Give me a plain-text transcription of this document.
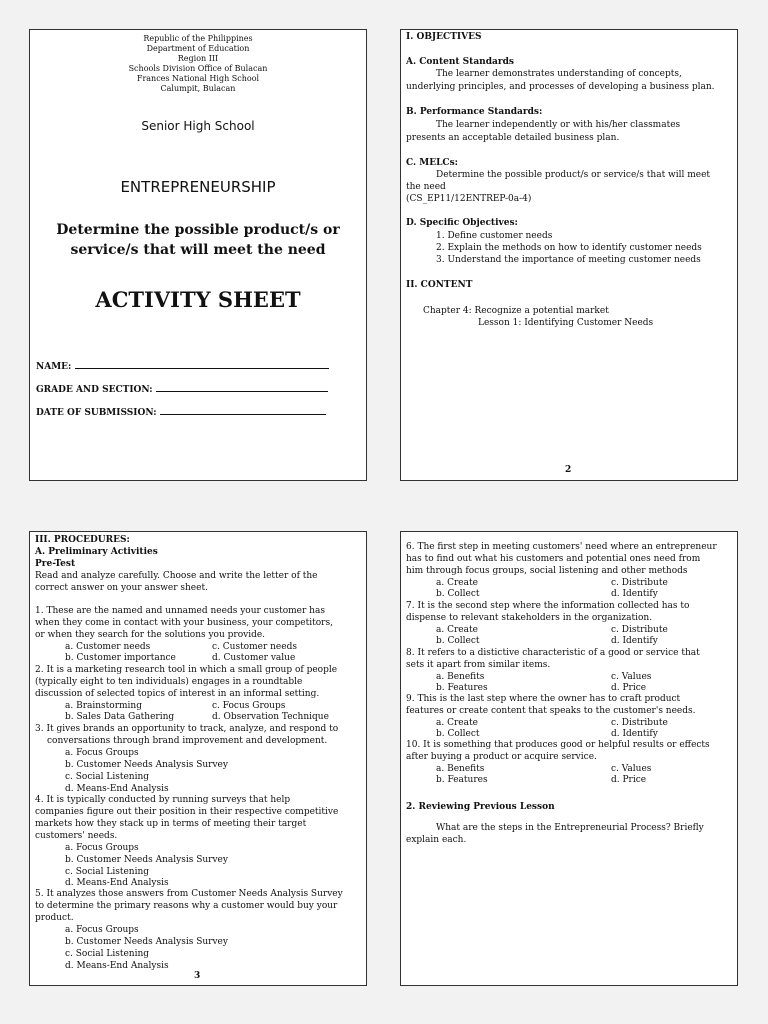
Republic of the Philippines
Department of Education
Region III
Schools Division Office of Bulacan
Frances National High School
Calumpit, Bulacan
Senior High School
ENTREPRENEURSHIP
Determine the possible product/s or
service/s that will meet the need
ACTIVITY SHEET
NAME:
GRADE AND SECTION:
DATE OF SUBMISSION:
I. OBJECTIVES
A. Content Standards
The learner demonstrates understanding of concepts,
underlying principles, and processes of developing a business plan.
B. Performance Standards:
The learner independently or with his/her classmates
presents an acceptable detailed business plan.
C. MELCs:
Determine the possible product/s or service/s that will meet
the need
(CS_EP11/12ENTREP-0a-4)
D. Specific Objectives:
1. Define customer needs
2. Explain the methods on how to identify customer needs
3. Understand the importance of meeting customer needs
II. CONTENT
Chapter 4: Recognize a potential market
Lesson 1: Identifying Customer Needs
2
III. PROCEDURES:
A. Preliminary Activities
Pre-Test
Read and analyze carefully. Choose and write the letter of the
correct answer on your answer sheet.
1. These are the named and unnamed needs your customer has
when they come in contact with your business, your competitors,
or when they search for the solutions you provide.
a. Customer needs	c. Customer needs
b. Customer importance	d. Customer value
2. It is a marketing research tool in which a small group of people
(typically eight to ten individuals) engages in a roundtable
discussion of selected topics of interest in an informal setting.
a. Brainstorming	c. Focus Groups
b. Sales Data Gathering	d. Observation Technique
3. It gives brands an opportunity to track, analyze, and respond to
conversations through brand improvement and development.
a. Focus Groups
b. Customer Needs Analysis Survey
c. Social Listening
d. Means-End Analysis
4. It is typically conducted by running surveys that help
companies figure out their position in their respective competitive
markets how they stack up in terms of meeting their target
customers' needs.
a. Focus Groups
b. Customer Needs Analysis Survey
c. Social Listening
d. Means-End Analysis
5. It analyzes those answers from Customer Needs Analysis Survey
to determine the primary reasons why a customer would buy your
product.
a. Focus Groups
b. Customer Needs Analysis Survey
c. Social Listening
d. Means-End Analysis
3
6. The first step in meeting customers' need where an entrepreneur
has to find out what his customers and potential ones need from
him through focus groups, social listening and other methods
a. Create	c. Distribute
b. Collect	d. Identify
7. It is the second step where the information collected has to
dispense to relevant stakeholders in the organization.
a. Create	c. Distribute
b. Collect	d. Identify
8. It refers to a distictive characteristic of a good or service that
sets it apart from similar items.
a. Benefits	c. Values
b. Features	d. Price
9. This is the last step where the owner has to craft product
features or create content that speaks to the customer's needs.
a. Create	c. Distribute
b. Collect	d. Identify
10. It is something that produces good or helpful results or effects
after buying a product or acquire service.
a. Benefits	c. Values
b. Features	d. Price
2. Reviewing Previous Lesson
What are the steps in the Entrepreneurial Process? Briefly
explain each.
